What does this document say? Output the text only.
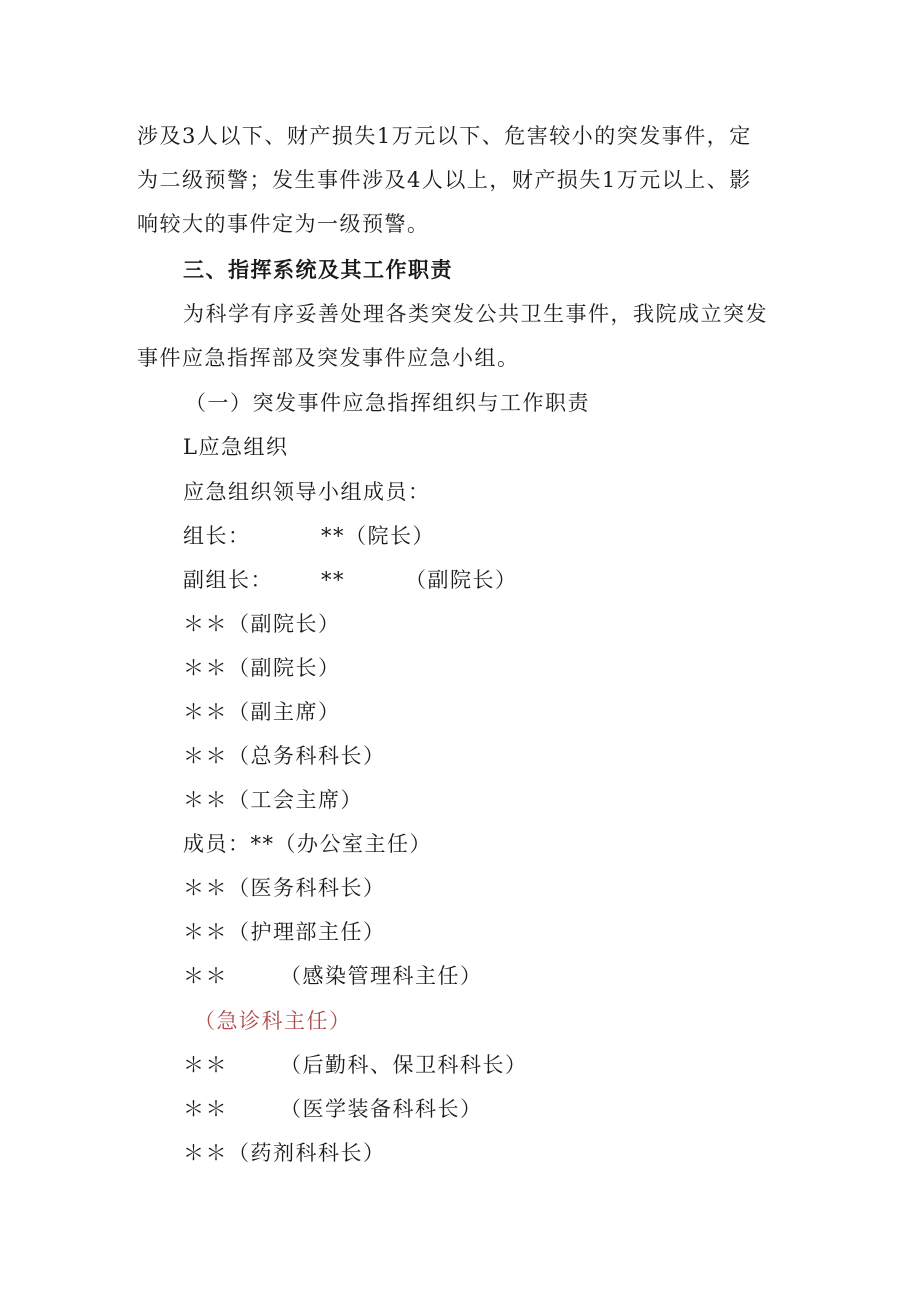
涉及3人以下、财产损失1万元以下、危害较小的突发事件，定
为二级预警；发生事件涉及4人以上，财产损失1万元以上、影
响较大的事件定为一级预警。
三、指挥系统及其工作职责
为科学有序妥善处理各类突发公共卫生事件，我院成立突发
事件应急指挥部及突发事件应急小组。
（一）突发事件应急指挥组织与工作职责
L应急组织
应急组织领导小组成员：
组长：	**（院长）
副组长： **	（副院长）
＊＊（副院长）
＊＊（副院长）
＊＊（副主席）
＊＊（总务科科长）
＊＊（工会主席）
成员：**（办公室主任）
＊＊（医务科科长）
＊＊（护理部主任）
＊＊ （感染管理科主任）
（急诊科主任）
＊＊ （后勤科、保卫科科长）
＊＊ （医学装备科科长）
＊＊（药剂科科长）
